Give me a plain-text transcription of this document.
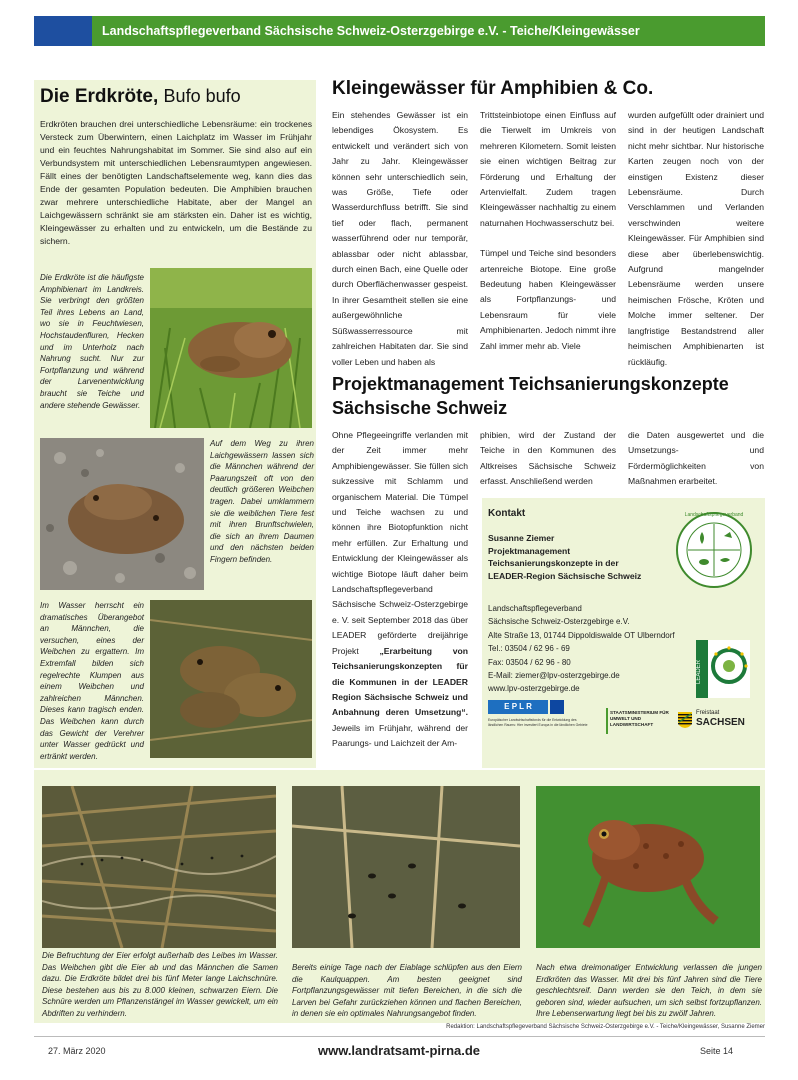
Landschaftspflegeverband Sächsische Schweiz-Osterzgebirge e.V. - Teiche/Kleingewässer
Die Erdkröte, Bufo bufo
Erdkröten brauchen drei unterschiedliche Lebensräume: ein trockenes Versteck zum Überwintern, einen Laichplatz im Wasser im Frühjahr und ein feuchtes Nahrungshabitat im Sommer. Sie sind also auf ein Verbundsystem mit unterschiedlichen Lebensraumtypen angewiesen. Fällt eines der benötigten Landschaftselemente weg, kann dies das Ende der gesamten Population bedeuten. Die Amphibien brauchen zwar mehrere unterschiedliche Habitate, aber der Mangel an Laichgewässern schränkt sie am stärksten ein. Daher ist es wichtig, Kleingewässer zu erhalten und zu entwickeln, um die Bestände zu sichern.
Die Erdkröte ist die häufigste Amphibienart im Landkreis. Sie verbringt den größten Teil ihres Lebens an Land, wo sie in Feuchtwiesen, Hochstaudenfluren, Hecken und im Unterholz nach Nahrung sucht. Nur zur Fortpflanzung und während der Larvenentwicklung braucht sie Teiche und andere stehende Gewässer.
Auf dem Weg zu ihren Laichgewässern lassen sich die Männchen während der Paarungszeit oft von den deutlich größeren Weibchen tragen. Dabei umklammern sie die weiblichen Tiere fest mit ihren Brunftschwielen, die sich an ihrem Daumen und den nächsten beiden Fingern befinden.
Im Wasser herrscht ein dramatisches Überangebot an Männchen, die versuchen, eines der Weibchen zu ergattern. Im Extremfall bilden sich regelrechte Klumpen aus einem Weibchen und zahlreichen Männchen. Dieses kann tragisch enden. Das Weibchen kann durch das Gewicht der Verehrer unter Wasser gedrückt und ertränkt werden.
Kleingewässer für Amphibien & Co.
Ein stehendes Gewässer ist ein lebendiges Ökosystem. Es entwickelt und verändert sich von Jahr zu Jahr. Kleingewässer können sehr unterschiedlich sein, was Größe, Tiefe oder Wasserdurchfluss betrifft. Sie sind tief oder flach, permanent wasserführend oder nur temporär, ablassbar oder nicht ablassbar, durch einen Bach, eine Quelle oder durch Oberflächenwasser gespeist. In ihrer Gesamtheit stellen sie eine außergewöhnliche Süßwasserressource mit zahlreichen Habitaten dar. Sie sind voller Leben und haben als
Trittsteinbiotope einen Einfluss auf die Tierwelt im Umkreis von mehreren Kilometern. Somit leisten sie einen wichtigen Beitrag zur Förderung und Erhaltung der Artenvielfalt. Zudem tragen Kleingewässer nachhaltig zu einem naturnahen Hochwasserschutz bei.
Tümpel und Teiche sind besonders artenreiche Biotope. Eine große Bedeutung haben Kleingewässer als Fortpflanzungs- und Lebensraum für viele Amphibienarten. Jedoch nimmt ihre Zahl immer mehr ab. Viele
wurden aufgefüllt oder drainiert und sind in der heutigen Landschaft nicht mehr sichtbar. Nur historische Karten zeugen noch von der einstigen Existenz dieser Lebensräume. Durch Verschlammen und Verlanden verschwinden weitere Kleingewässer. Für Amphibien sind diese aber überlebenswichtig. Aufgrund mangelnder Lebensräume werden unsere heimischen Frösche, Kröten und Molche immer seltener. Der langfristige Bestandstrend aller heimischen Amphibienarten ist rückläufig.
Projektmanagement Teichsanierungskonzepte Sächsische Schweiz
Ohne Pflegeeingriffe verlanden mit der Zeit immer mehr Amphibiengewässer. Sie füllen sich sukzessive mit Schlamm und organischem Material. Die Tümpel und Teiche wachsen zu und können ihre Biotopfunktion nicht mehr erfüllen. Zur Erhaltung und Entwicklung der Kleingewässer als wichtige Biotope läuft daher beim Landschaftspflegeverband Sächsische Schweiz-Osterzgebirge e. V. seit September 2018 das über LEADER geförderte dreijährige Projekt „Erarbeitung von Teichsanierungskonzepten für die Kommunen in der LEADER Region Sächsische Schweiz und Anbahnung deren Umsetzung“. Jeweils im Frühjahr, während der Paarungs- und Laichzeit der Am-
phibien, wird der Zustand der Teiche in den Kommunen des Altkreises Sächsische Schweiz erfasst. Anschließend werden
die Daten ausgewertet und die Umsetzungs- und Fördermöglichkeiten von Maßnahmen erarbeitet.
Kontakt
Susanne Ziemer
Projektmanagement
Teichsanierungskonzepte in der
LEADER-Region Sächsische Schweiz
Landschaftspflegeverband
Sächsische Schweiz-Osterzgebirge e.V.
Alte Straße 13, 01744 Dippoldiswalde OT Ulberndorf
Tel.: 03504 / 62 96 - 69
Fax: 03504 / 62 96 - 80
E-Mail: ziemer@lpv-osterzgebirge.de
www.lpv-osterzgebirge.de
Landschaftspflegeverband
LEADER
E P L R
Europäischer Landwirtschaftsfonds für die Entwicklung des ländlichen Raums: Hier investiert Europa in die ländlichen Gebiete
STAATSMINISTERIUM FÜR UMWELT UND LANDWIRTSCHAFT
Freistaat
SACHSEN
Die Befruchtung der Eier erfolgt außerhalb des Leibes im Wasser. Das Weibchen gibt die Eier ab und das Männchen die Samen dazu. Die Erdkröte bildet drei bis fünf Meter lange Laichschnüre. Diese bestehen aus bis zu 8.000 kleinen, schwarzen Eiern. Die Schnüre werden um Pflanzenstängel im Wasser gewickelt, um ein Abdriften zu verhindern.
Bereits einige Tage nach der Eiablage schlüpfen aus den Eiern die Kaulquappen. Am besten geeignet sind Fortpflanzungsgewässer mit tiefen Bereichen, in die sich die Larven bei Gefahr zurückziehen können und flachen Bereichen, in denen sie ein optimales Nahrungsangebot finden.
Nach etwa dreimonatiger Entwicklung verlassen die jungen Erdkröten das Wasser. Mit drei bis fünf Jahren sind die Tiere geschlechtsreif. Dann werden sie den Teich, in dem sie geboren sind, wieder aufsuchen, um sich selbst fortzupflanzen. Ihre Lebenserwartung liegt bei bis zu zwölf Jahren.
Redaktion: Landschaftspflegeverband Sächsische Schweiz-Osterzgebirge e.V. - Teiche/Kleingewässer, Susanne Ziemer
27. März 2020	www.landratsamt-pirna.de	Seite 14
